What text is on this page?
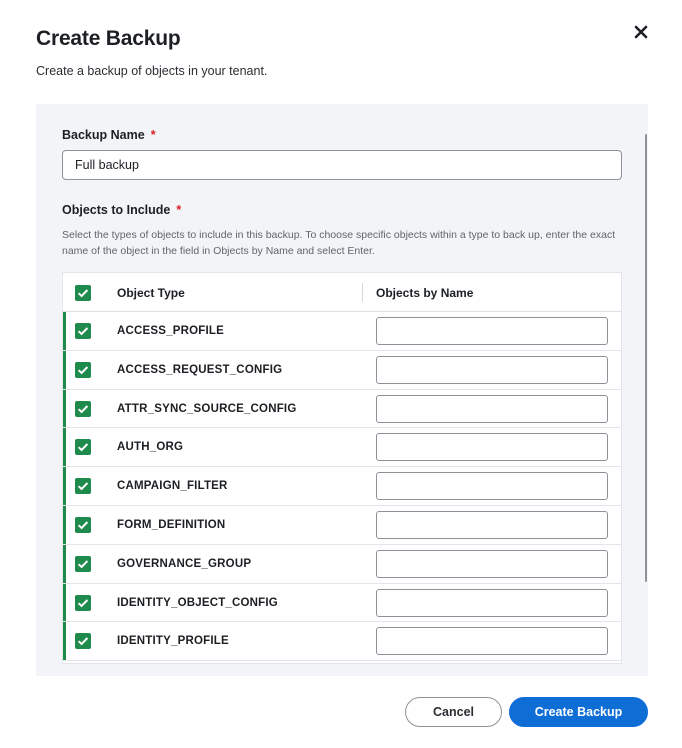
Create Backup
Create a backup of objects in your tenant.
Backup Name *
Full backup
Objects to Include *
Select the types of objects to include in this backup. To choose specific objects within a type to back up, enter the exact name of the object in the field in Objects by Name and select Enter.
Object Type	Objects by Name
ACCESS_PROFILE
ACCESS_REQUEST_CONFIG
ATTR_SYNC_SOURCE_CONFIG
AUTH_ORG
CAMPAIGN_FILTER
FORM_DEFINITION
GOVERNANCE_GROUP
IDENTITY_OBJECT_CONFIG
IDENTITY_PROFILE
Cancel	Create Backup
